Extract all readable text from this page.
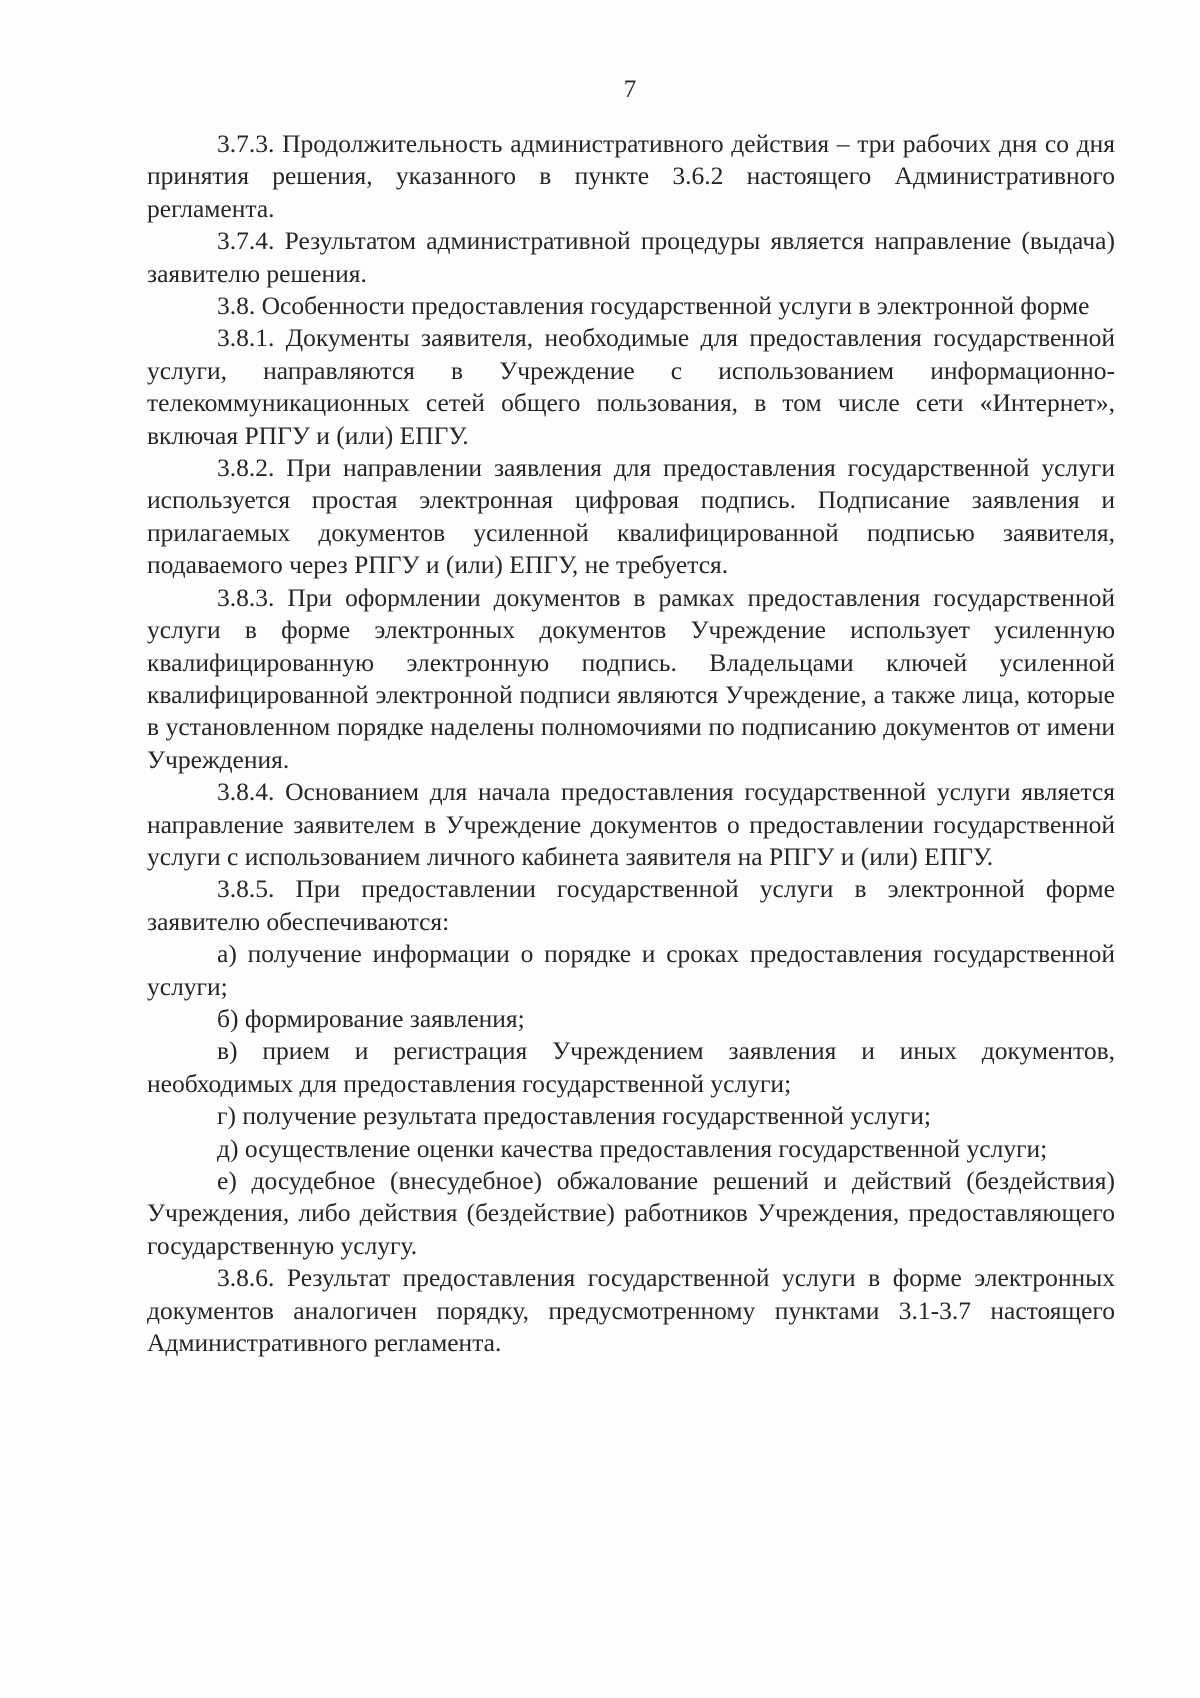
7

3.7.3. Продолжительность административного действия – три рабочих дня со дня принятия решения, указанного в пункте 3.6.2 настоящего Административного регламента.

3.7.4. Результатом административной процедуры является направление (выдача) заявителю решения.

3.8. Особенности предоставления государственной услуги в электронной форме

3.8.1. Документы заявителя, необходимые для предоставления государственной услуги, направляются в Учреждение с использованием информационно-телекоммуникационных сетей общего пользования, в том числе сети «Интернет», включая РПГУ и (или) ЕПГУ.

3.8.2. При направлении заявления для предоставления государственной услуги используется простая электронная цифровая подпись. Подписание заявления и прилагаемых документов усиленной квалифицированной подписью заявителя, подаваемого через РПГУ и (или) ЕПГУ, не требуется.

3.8.3. При оформлении документов в рамках предоставления государственной услуги в форме электронных документов Учреждение использует усиленную квалифицированную электронную подпись. Владельцами ключей усиленной квалифицированной электронной подписи являются Учреждение, а также лица, которые в установленном порядке наделены полномочиями по подписанию документов от имени Учреждения.

3.8.4. Основанием для начала предоставления государственной услуги является направление заявителем в Учреждение документов о предоставлении государственной услуги с использованием личного кабинета заявителя на РПГУ и (или) ЕПГУ.

3.8.5. При предоставлении государственной услуги в электронной форме заявителю обеспечиваются:

а) получение информации о порядке и сроках предоставления государственной услуги;

б) формирование заявления;

в) прием и регистрация Учреждением заявления и иных документов, необходимых для предоставления государственной услуги;

г) получение результата предоставления государственной услуги;

д) осуществление оценки качества предоставления государственной услуги;

е) досудебное (внесудебное) обжалование решений и действий (бездействия) Учреждения, либо действия (бездействие) работников Учреждения, предоставляющего государственную услугу.

3.8.6. Результат предоставления государственной услуги в форме электронных документов аналогичен порядку, предусмотренному пунктами 3.1-3.7 настоящего Административного регламента.
